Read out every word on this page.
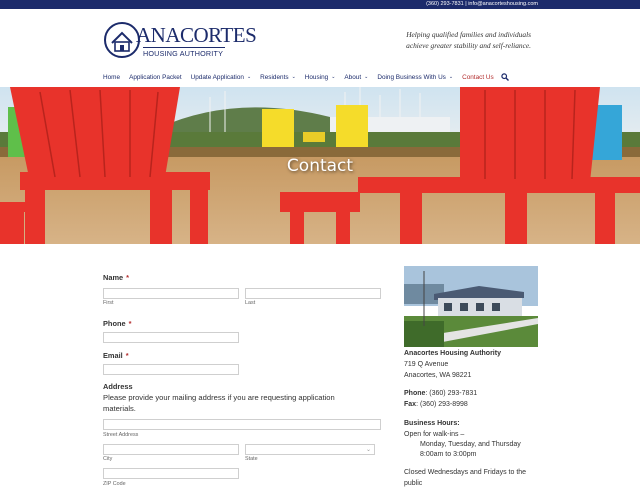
(360) 293-7831 | info@anacorteshousing.com
ANACORTES
HOUSING AUTHORITY
Helping qualified families and individuals
achieve greater stability and self-reliance.
Home Application Packet Update Application ⌄ Residents ⌄ Housing ⌄ About ⌄ Doing Business With Us ⌄ Contact Us
Contact
Name *
First	Last
Phone *
Email *
Address
Please provide your mailing address if you are requesting application
materials.
Street Address
City
⌄
State
ZIP Code
Anacortes Housing Authority
719 Q Avenue
Anacortes, WA 98221
Phone: (360) 293-7831
Fax: (360) 293-8998
Business Hours:
Open for walk-ins –
Monday, Tuesday, and Thursday
8:00am to 3:00pm
Closed Wednesdays and Fridays to the
public
